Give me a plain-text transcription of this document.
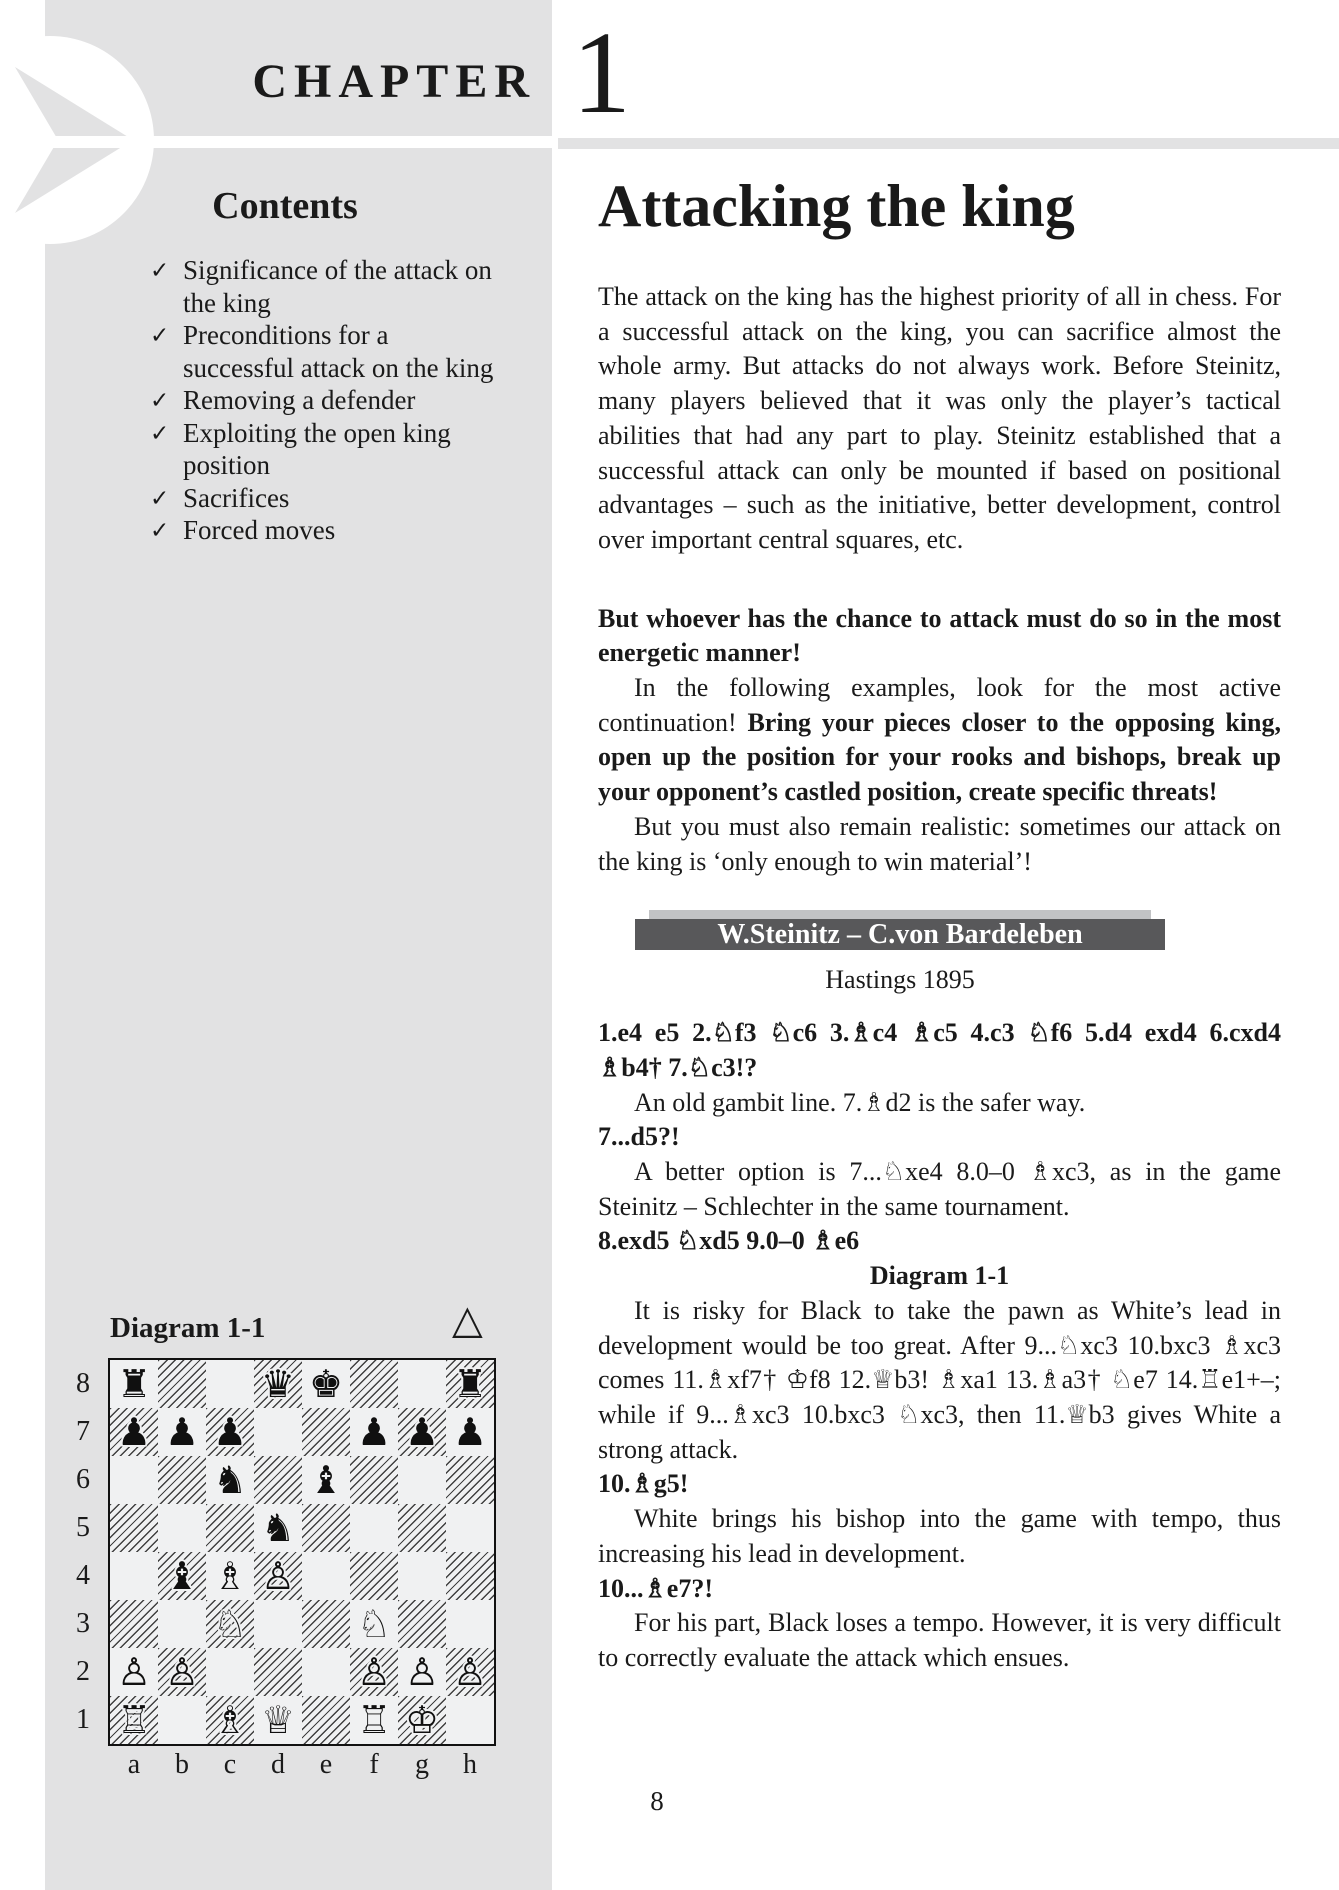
CHAPTER 1
Contents
✓ Significance of the attack on the king
✓ Preconditions for a successful attack on the king
✓ Removing a defender
✓ Exploiting the open king position
✓ Sacrifices
✓ Forced moves
Diagram 1-1	△
8
7
6
5
4
3
2
1
♜	♛ ♚	♜
♟ ♟ ♟	♟ ♟ ♟
♞ ♝
♞
♝ ♗ ♙
♘	♘
♙ ♙	♙ ♙ ♙
♖ ♗ ♕ ♖ ♔
a	b	c	d	e	f	g	h
Attacking the king

The attack on the king has the highest priority of all in chess. For a successful attack on the king, you can sacrifice almost the whole army. But attacks do not always work. Before Steinitz, many players believed that it was only the player’s tactical abilities that had any part to play. Steinitz established that a successful attack can only be mounted if based on positional advantages – such as the initiative, better development, control over important central squares, etc.

But whoever has the chance to attack must do so in the most energetic manner!

In the following examples, look for the most active continuation! Bring your pieces closer to the opposing king, open up the position for your rooks and bishops, break up your opponent’s castled position, create specific threats!

But you must also remain realistic: sometimes our attack on the king is ‘only enough to win material’!

W.Steinitz – C.von Bardeleben
Hastings 1895

1.e4 e5 2.♘f3 ♘c6 3.♗c4 ♗c5 4.c3 ♘f6 5.d4 exd4 6.cxd4 ♗b4† 7.♘c3!?

An old gambit line. 7.♗d2 is the safer way.

7...d5?!

A better option is 7...♘xe4 8.0–0 ♗xc3, as in the game Steinitz – Schlechter in the same tournament.

8.exd5 ♘xd5 9.0–0 ♗e6

Diagram 1-1

It is risky for Black to take the pawn as White’s lead in development would be too great. After 9...♘xc3 10.bxc3 ♗xc3 comes 11.♗xf7† ♔f8 12.♕b3! ♗xa1 13.♗a3† ♘e7 14.♖e1+–; while if 9...♗xc3 10.bxc3 ♘xc3, then 11.♕b3 gives White a strong attack.

10.♗g5!

White brings his bishop into the game with tempo, thus increasing his lead in development.

10...♗e7?!

For his part, Black loses a tempo. However, it is very difficult to correctly evaluate the attack which ensues.

8
